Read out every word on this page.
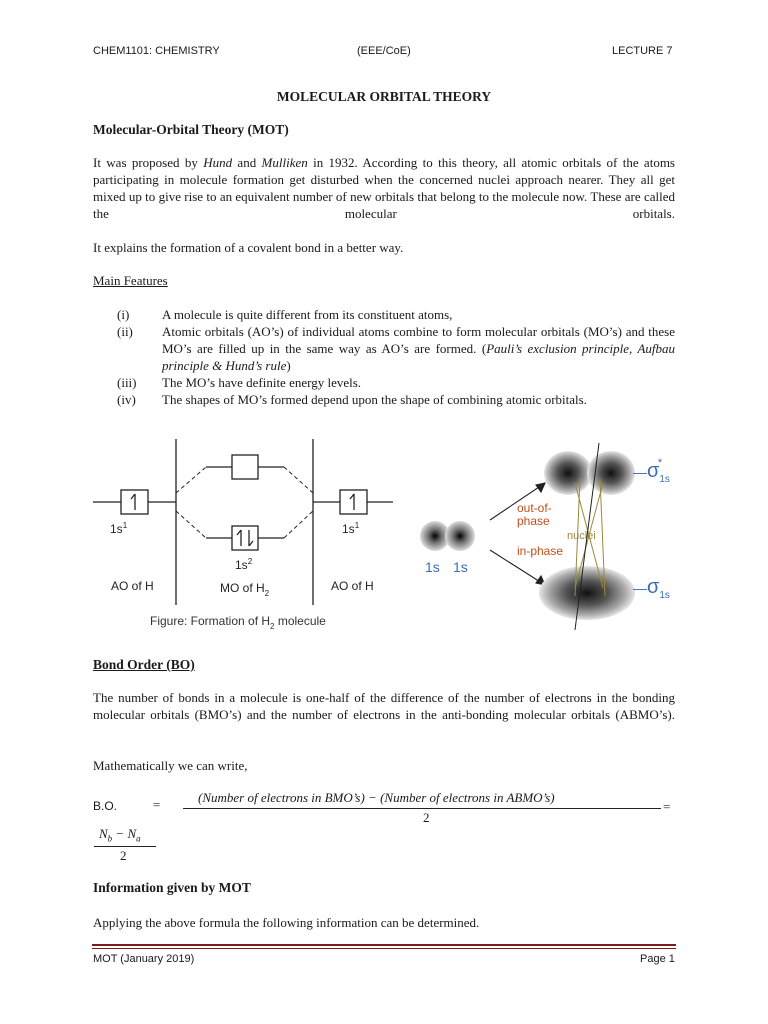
CHEM1101: CHEMISTRY	(EEE/CoE)	LECTURE 7
MOLECULAR ORBITAL THEORY
Molecular-Orbital Theory (MOT)
It was proposed by Hund and Mulliken in 1932. According to this theory, all atomic orbitals of the atoms participating in molecule formation get disturbed when the concerned nuclei approach nearer. They all get mixed up to give rise to an equivalent number of new orbitals that belong to the molecule now. These are called the molecular orbitals.
It explains the formation of a covalent bond in a better way.
Main Features
(i)	A molecule is quite different from its constituent atoms,
(ii) Atomic orbitals (AO’s) of individual atoms combine to form molecular orbitals (MO’s) and these MO’s are filled up in the same way as AO’s are formed. (Pauli’s exclusion principle, Aufbau principle & Hund’s rule)
(iii) The MO’s have definite energy levels.
(iv) The shapes of MO’s formed depend upon the shape of combining atomic orbitals.
$1s^1$	$1s^1$
$1s^2$
AO of H	MO of $H_2$
AO of H
Figure: Formation of $H_2$ molecule
1s 1s
out-of-
phase
in-phase
nuclei
$—\sigma_{1s}*$
$—\sigma_{1s}$
Bond Order (BO)
The number of bonds in a molecule is one-half of the difference of the number of electrons in the bonding molecular orbitals (BMO’s) and the number of electrons in the anti-bonding molecular orbitals (ABMO’s).
Mathematically we can write,
B.O.	=	(Number of electrons in BMO’s) − (Number of electrons in ABMO’s)
2
=
$N_b - N_a$
2
Information given by MOT
Applying the above formula the following information can be determined.
MOT (January 2019)	Page 1
